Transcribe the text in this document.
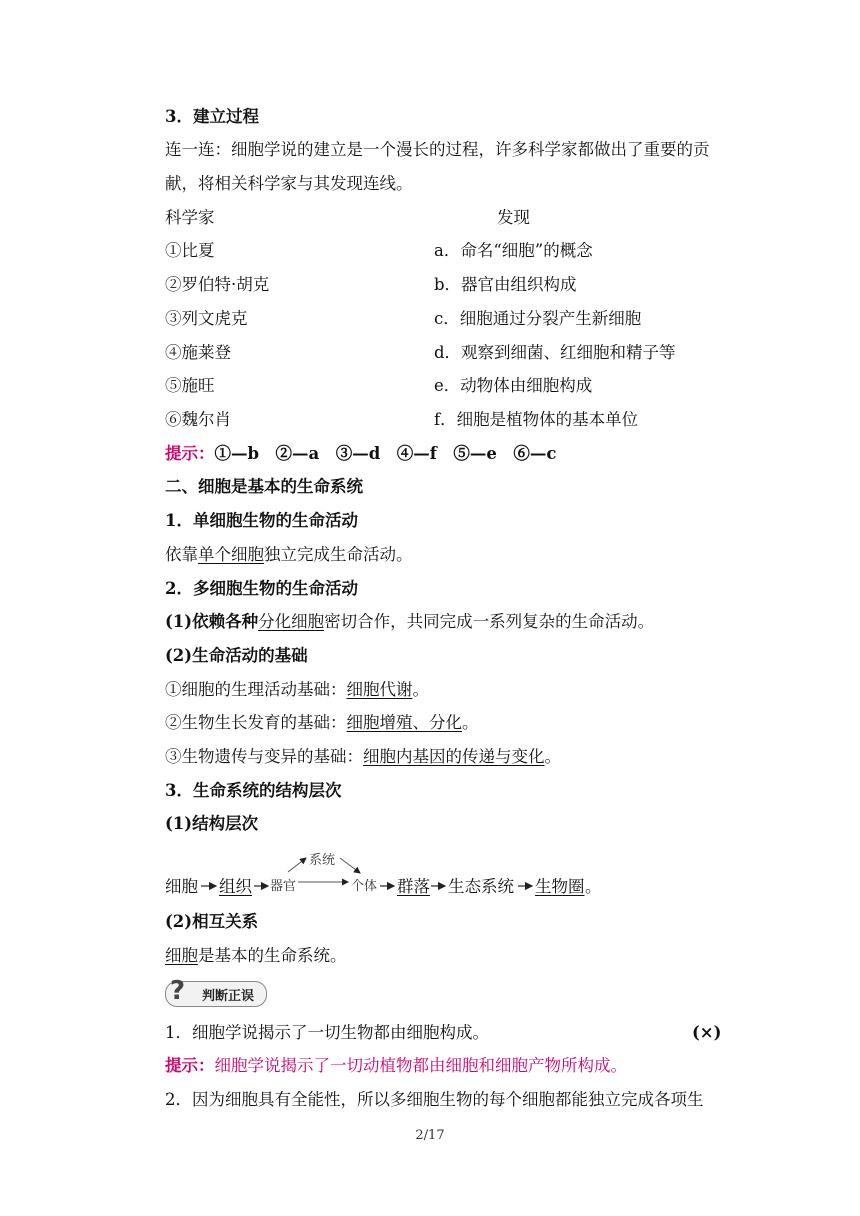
3．建立过程
连一连：细胞学说的建立是一个漫长的过程，许多科学家都做出了重要的贡
献，将相关科学家与其发现连线。
科学家	发现
①比夏
②罗伯特·胡克
③列文虎克
④施莱登
⑤施旺
⑥魏尔肖
a．命名“细胞”的概念
b．器官由组织构成
c．细胞通过分裂产生新细胞
d．观察到细菌、红细胞和精子等
e．动物体由细胞构成
f．细胞是植物体的基本单位
提示：①—b　②—a　③—d　④—f　⑤—e　⑥—c
二、细胞是基本的生命系统
1．单细胞生物的生命活动
依靠单个细胞独立完成生命活动。
2．多细胞生物的生命活动
(1)依赖各种分化细胞密切合作，共同完成一系列复杂的生命活动。
(2)生命活动的基础
①细胞的生理活动基础：细胞代谢。
②生物生长发育的基础：细胞增殖、分化。
③生物遗传与变异的基础：细胞内基因的传递与变化。
3．生命系统的结构层次
(1)结构层次
细胞 组织 器官
系统
个体 群落 生态系统 生物圈 。
(2)相互关系
细胞是基本的生命系统。
? 判断正误
1．细胞学说揭示了一切生物都由细胞构成。	(×)
提示：细胞学说揭示了一切动植物都由细胞和细胞产物所构成。
2．因为细胞具有全能性，所以多细胞生物的每个细胞都能独立完成各项生
2/17
